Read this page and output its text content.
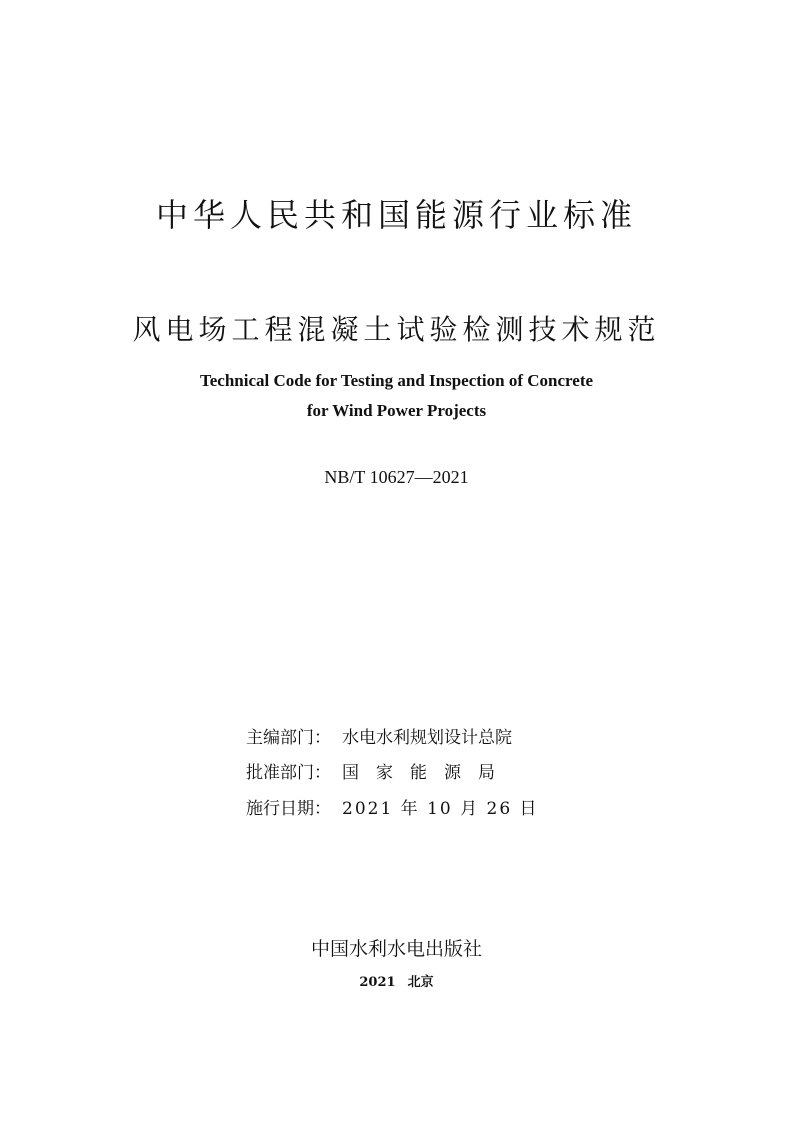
中华人民共和国能源行业标准
风电场工程混凝土试验检测技术规范
Technical Code for Testing and Inspection of Concrete
for Wind Power Projects
NB/T 10627—2021
主编部门： 水电水利规划设计总院
批准部门： 国家能源局
施行日期： 2021 年 10 月 26 日
中国水利水电出版社
2021 北京
